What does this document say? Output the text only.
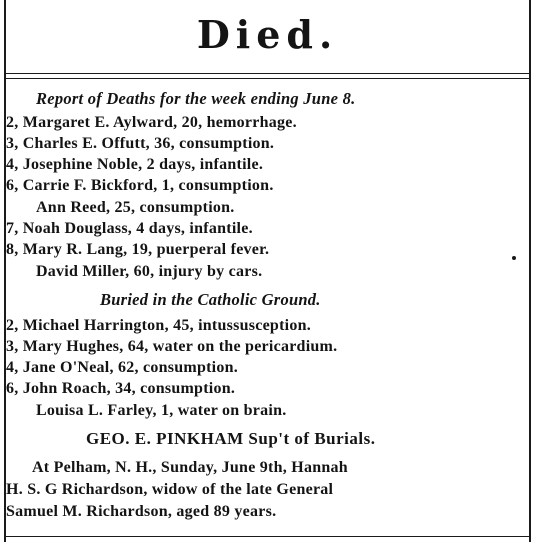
Died.
Report of Deaths for the week ending June 8.
2, Margaret E. Aylward, 20, hemorrhage.
3, Charles E. Offutt, 36, consumption.
4, Josephine Noble, 2 days, infantile.
6, Carrie F. Bickford, 1, consumption.
Ann Reed, 25, consumption.
7, Noah Douglass, 4 days, infantile.
8, Mary R. Lang, 19, puerperal fever.
David Miller, 60, injury by cars.
Buried in the Catholic Ground.
2, Michael Harrington, 45, intussusception.
3, Mary Hughes, 64, water on the pericardium.
4, Jane O'Neal, 62, consumption.
6, John Roach, 34, consumption.
Louisa L. Farley, 1, water on brain.
GEO. E. PINKHAM Sup't of Burials.
At Pelham, N. H., Sunday, June 9th, Hannah
H. S. G Richardson, widow of the late General
Samuel M. Richardson, aged 89 years.
